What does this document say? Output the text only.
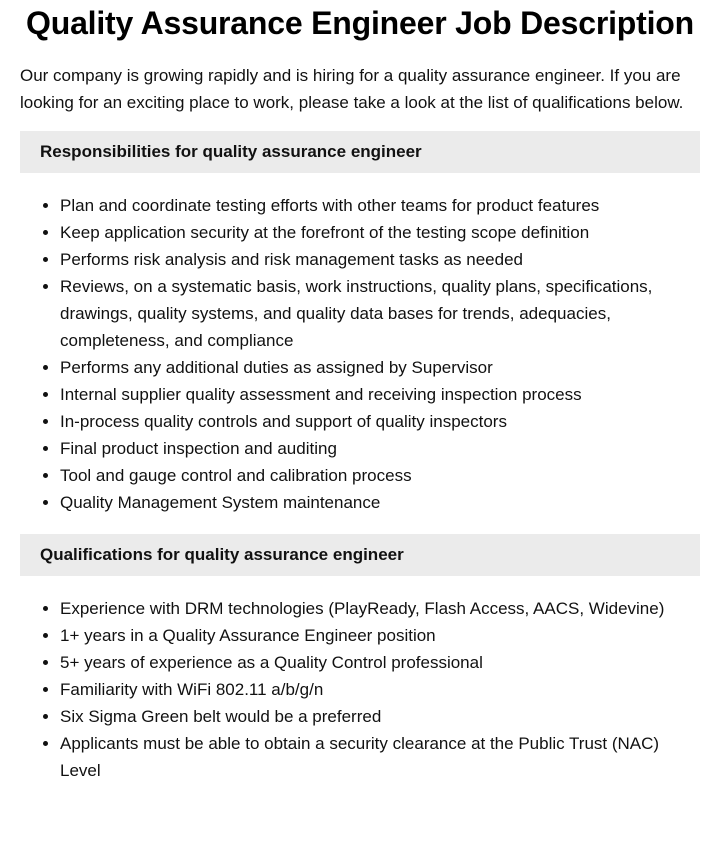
Quality Assurance Engineer Job Description

Our company is growing rapidly and is hiring for a quality assurance engineer. If you are looking for an exciting place to work, please take a look at the list of qualifications below.

Responsibilities for quality assurance engineer
• Plan and coordinate testing efforts with other teams for product features
• Keep application security at the forefront of the testing scope definition
• Performs risk analysis and risk management tasks as needed
• Reviews, on a systematic basis, work instructions, quality plans, specifications, drawings, quality systems, and quality data bases for trends, adequacies, completeness, and compliance
• Performs any additional duties as assigned by Supervisor
• Internal supplier quality assessment and receiving inspection process
• In-process quality controls and support of quality inspectors
• Final product inspection and auditing
• Tool and gauge control and calibration process
• Quality Management System maintenance
Qualifications for quality assurance engineer
• Experience with DRM technologies (PlayReady, Flash Access, AACS, Widevine)
• 1+ years in a Quality Assurance Engineer position
• 5+ years of experience as a Quality Control professional
• Familiarity with WiFi 802.11 a/b/g/n
• Six Sigma Green belt would be a preferred
• Applicants must be able to obtain a security clearance at the Public Trust (NAC) Level
